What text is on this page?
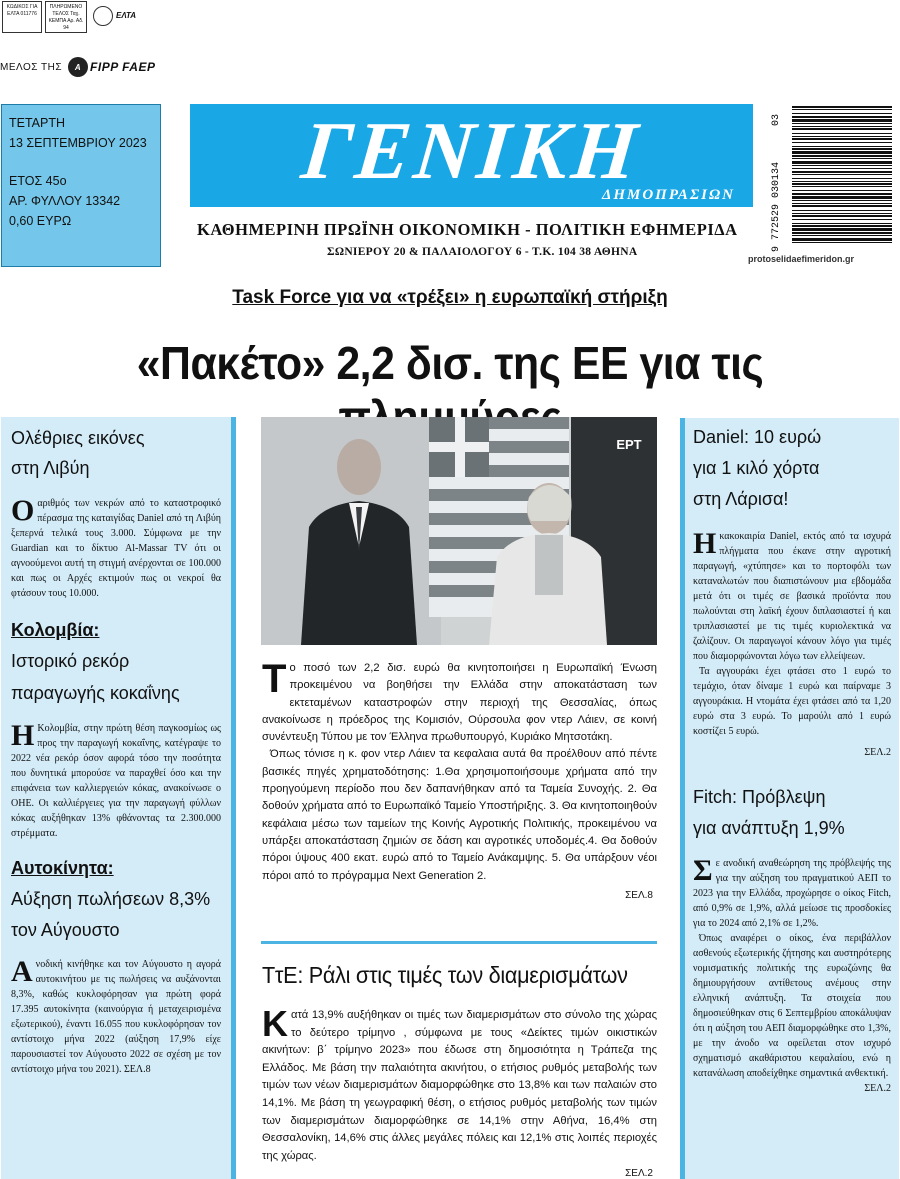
ΚΩΔΙΚΟΣ ΓΙΑ ΕΛΤΑ 011776
ΠΛΗΡΩΜΕΝΟ ΤΕΛΟΣ Ταχ. ΚΕΜΠΑ Αρ. Αδ. 94
ΕΛΤΑ
ΜΕΛΟΣ ΤΗΣ	A FIPP FAEP
ΤΕΤΑΡΤΗ
13 ΣΕΠΤΕΜΒΡΙΟΥ 2023
ΕΤΟΣ 45ο
ΑΡ. ΦΥΛΛΟΥ 13342
0,60 ΕΥΡΩ
ΓΕΝΙΚΗ
ΔΗΜΟΠΡΑΣΙΩΝ
ΚΑΘΗΜΕΡΙΝΗ ΠΡΩΪΝΗ ΟΙΚΟΝΟΜΙΚΗ - ΠΟΛΙΤΙΚΗ ΕΦΗΜΕΡΙΔΑ
ΣΩΝΙΕΡΟΥ 20 & ΠΑΛΑΙΟΛΟΓΟΥ 6 - Τ.Κ. 104 38 ΑΘΗΝΑ
protoselidaefimeridon.gr
9 772529 030134
03
Task Force για να «τρέξει» η ευρωπαϊκή στήριξη
«Πακέτο» 2,2 δισ. της ΕΕ για τις
Ολέθριες εικόνες
στη Λιβύη
Ο αριθμός των νεκρών από το καταστροφικό πέρασμα της καταιγίδας Daniel από τη Λιβύη ξεπερνά τελικά τους 3.000. Σύμφωνα με την Guardian και το δίκτυο Al-Massar TV ότι οι αγνοούμενοι αυτή τη στιγμή ανέρχονται σε 100.000 και πως οι Αρχές εκτιμούν πως οι νεκροί θα φτάσουν τους 10.000.
Κολομβία:
Ιστορικό ρεκόρ
παραγωγής κοκαΐνης
Η Κολομβία, στην πρώτη θέση παγκοσμίως ως προς την παραγωγή κοκαΐνης, κατέγραψε το 2022 νέα ρεκόρ όσον αφορά τόσο την ποσότητα που δυνητικά μπορούσε να παραχθεί όσο και την επιφάνεια των καλλιεργειών κόκας, ανακοίνωσε ο ΟΗΕ. Οι καλλιέργειες για την παραγωγή φύλλων κόκας αυξήθηκαν 13% φθάνοντας τα 2.300.000 στρέμματα.
Αυτοκίνητα:
Αύξηση πωλήσεων 8,3%
τον Αύγουστο
Α νοδική κινήθηκε και τον Αύγουστο η αγορά αυτοκινήτου με τις πωλήσεις να αυξάνονται 8,3%, καθώς κυκλοφόρησαν για πρώτη φορά 17.395 αυτοκίνητα (καινούργια ή μεταχειρισμένα εξωτερικού), έναντι 16.055 που κυκλοφόρησαν τον αντίστοιχο μήνα 2022 (αύξηση 17,9% είχε παρουσιαστεί τον Αύγουστο 2022 σε σχέση με τον αντίστοιχο μήνα του 2021). ΣΕΛ.8
ΕΡΤ
Το ποσό των 2,2 δισ. ευρώ θα κινητοποιήσει η Ευρωπαϊκή Ένωση προκειμένου να βοηθήσει την Ελλάδα στην αποκατάσταση των εκτεταμένων καταστροφών στην περιοχή της Θεσσαλίας, όπως ανακοίνωσε η πρόεδρος της Κομισιόν, Ούρσουλα φον ντερ Λάιεν, σε κοινή συνέντευξη Τύπου με τον Έλληνα πρωθυπουργό, Κυριάκο Μητσοτάκη.
Όπως τόνισε η κ. φον ντερ Λάιεν τα κεφαλαια αυτά θα προέλθουν από πέντε βασικές πηγές χρηματοδότησης: 1.Θα χρησιμοποιήσουμε χρήματα από την προηγούμενη περίοδο που δεν δαπανήθηκαν από τα Ταμεία Συνοχής. 2. Θα δοθούν χρήματα από το Ευρωπαϊκό Ταμείο Υποστήριξης. 3. Θα κινητοποιηθούν κεφάλαια μέσω των ταμείων της Κοινής Αγροτικής Πολιτικής, προκειμένου να υπάρξει αποκατάσταση ζημιών σε δάση και αγροτικές υποδομές.4. Θα δοθούν πόροι ύψους 400 εκατ. ευρώ από το Ταμείο Ανάκαμψης. 5. Θα υπάρξουν νέοι πόροι από το πρόγραμμα Next Generation 2.
ΣΕΛ.8
ΤτΕ: Ράλι στις τιμές των διαμερισμάτων
Κατά 13,9% αυξήθηκαν οι τιμές των διαμερισμάτων στο σύνολο της χώρας το δεύτερο τρίμηνο , σύμφωνα με τους «Δείκτες τιμών οικιστικών ακινήτων: β΄ τρίμηνο 2023» που έδωσε στη δημοσιότητα η Τράπεζα της Ελλάδος. Με βάση την παλαιότητα ακινήτου, ο ετήσιος ρυθμός μεταβολής των τιμών των νέων διαμερισμάτων διαμορφώθηκε στο 13,8% και των παλαιών στο 14,1%. Με βάση τη γεωγραφική θέση, ο ετήσιος ρυθμός μεταβολής των τιμών των διαμερισμάτων διαμορφώθηκε σε 14,1% στην Αθήνα, 16,4% στη Θεσσαλονίκη, 14,6% στις άλλες μεγάλες πόλεις και 12,1% στις λοιπές περιοχές της χώρας.
ΣΕΛ.2
Daniel: 10 ευρώ
για 1 κιλό χόρτα
στη Λάρισα!
Η κακοκαιρία Daniel, εκτός από τα ισχυρά πλήγματα που έκανε στην αγροτική παραγωγή, «χτύπησε» και το πορτοφόλι των καταναλωτών που διαπιστώνουν μια εβδομάδα μετά ότι οι τιμές σε βασικά προϊόντα που πωλούνται στη λαϊκή έχουν διπλασιαστεί ή και τριπλασιαστεί με τις τιμές κυριολεκτικά να ζαλίζουν. Οι παραγωγοί κάνουν λόγο για τιμές που διαμορφώνονται λόγω των ελλείψεων.
Τα αγγουράκι έχει φτάσει στο 1 ευρώ το τεμάχιο, όταν δίναμε 1 ευρώ και παίρναμε 3 αγγουράκια. Η ντομάτα έχει φτάσει από τα 1,20 ευρώ στα 3 ευρώ. Το μαρούλι από 1 ευρώ κοστίζει 5 ευρώ.
ΣΕΛ.2
Fitch: Πρόβλεψη
για ανάπτυξη 1,9%
Σ ε ανοδική αναθεώρηση της πρόβλεψής της για την αύξηση του πραγματικού ΑΕΠ το 2023 για την Ελλάδα, προχώρησε ο οίκος Fitch, από 0,9% σε 1,9%, αλλά μείωσε τις προσδοκίες για το 2024 από 2,1% σε 1,2%.
Όπως αναφέρει ο οίκος, ένα περιβάλλον ασθενούς εξωτερικής ζήτησης και αυστηρότερης νομισματικής πολιτικής της ευρωζώνης θα δημιουργήσουν αντίθετους ανέμους στην ελληνική ανάπτυξη. Τα στοιχεία που δημοσιεύθηκαν στις 6 Σεπτεμβρίου αποκάλυψαν ότι η αύξηση του ΑΕΠ διαμορφώθηκε στο 1,3%, με την άνοδο να οφείλεται στον ισχυρό σχηματισμό ακαθάριστου κεφαλαίου, ενώ η κατανάλωση αποδείχθηκε σημαντικά ανθεκτική.
ΣΕΛ.2
